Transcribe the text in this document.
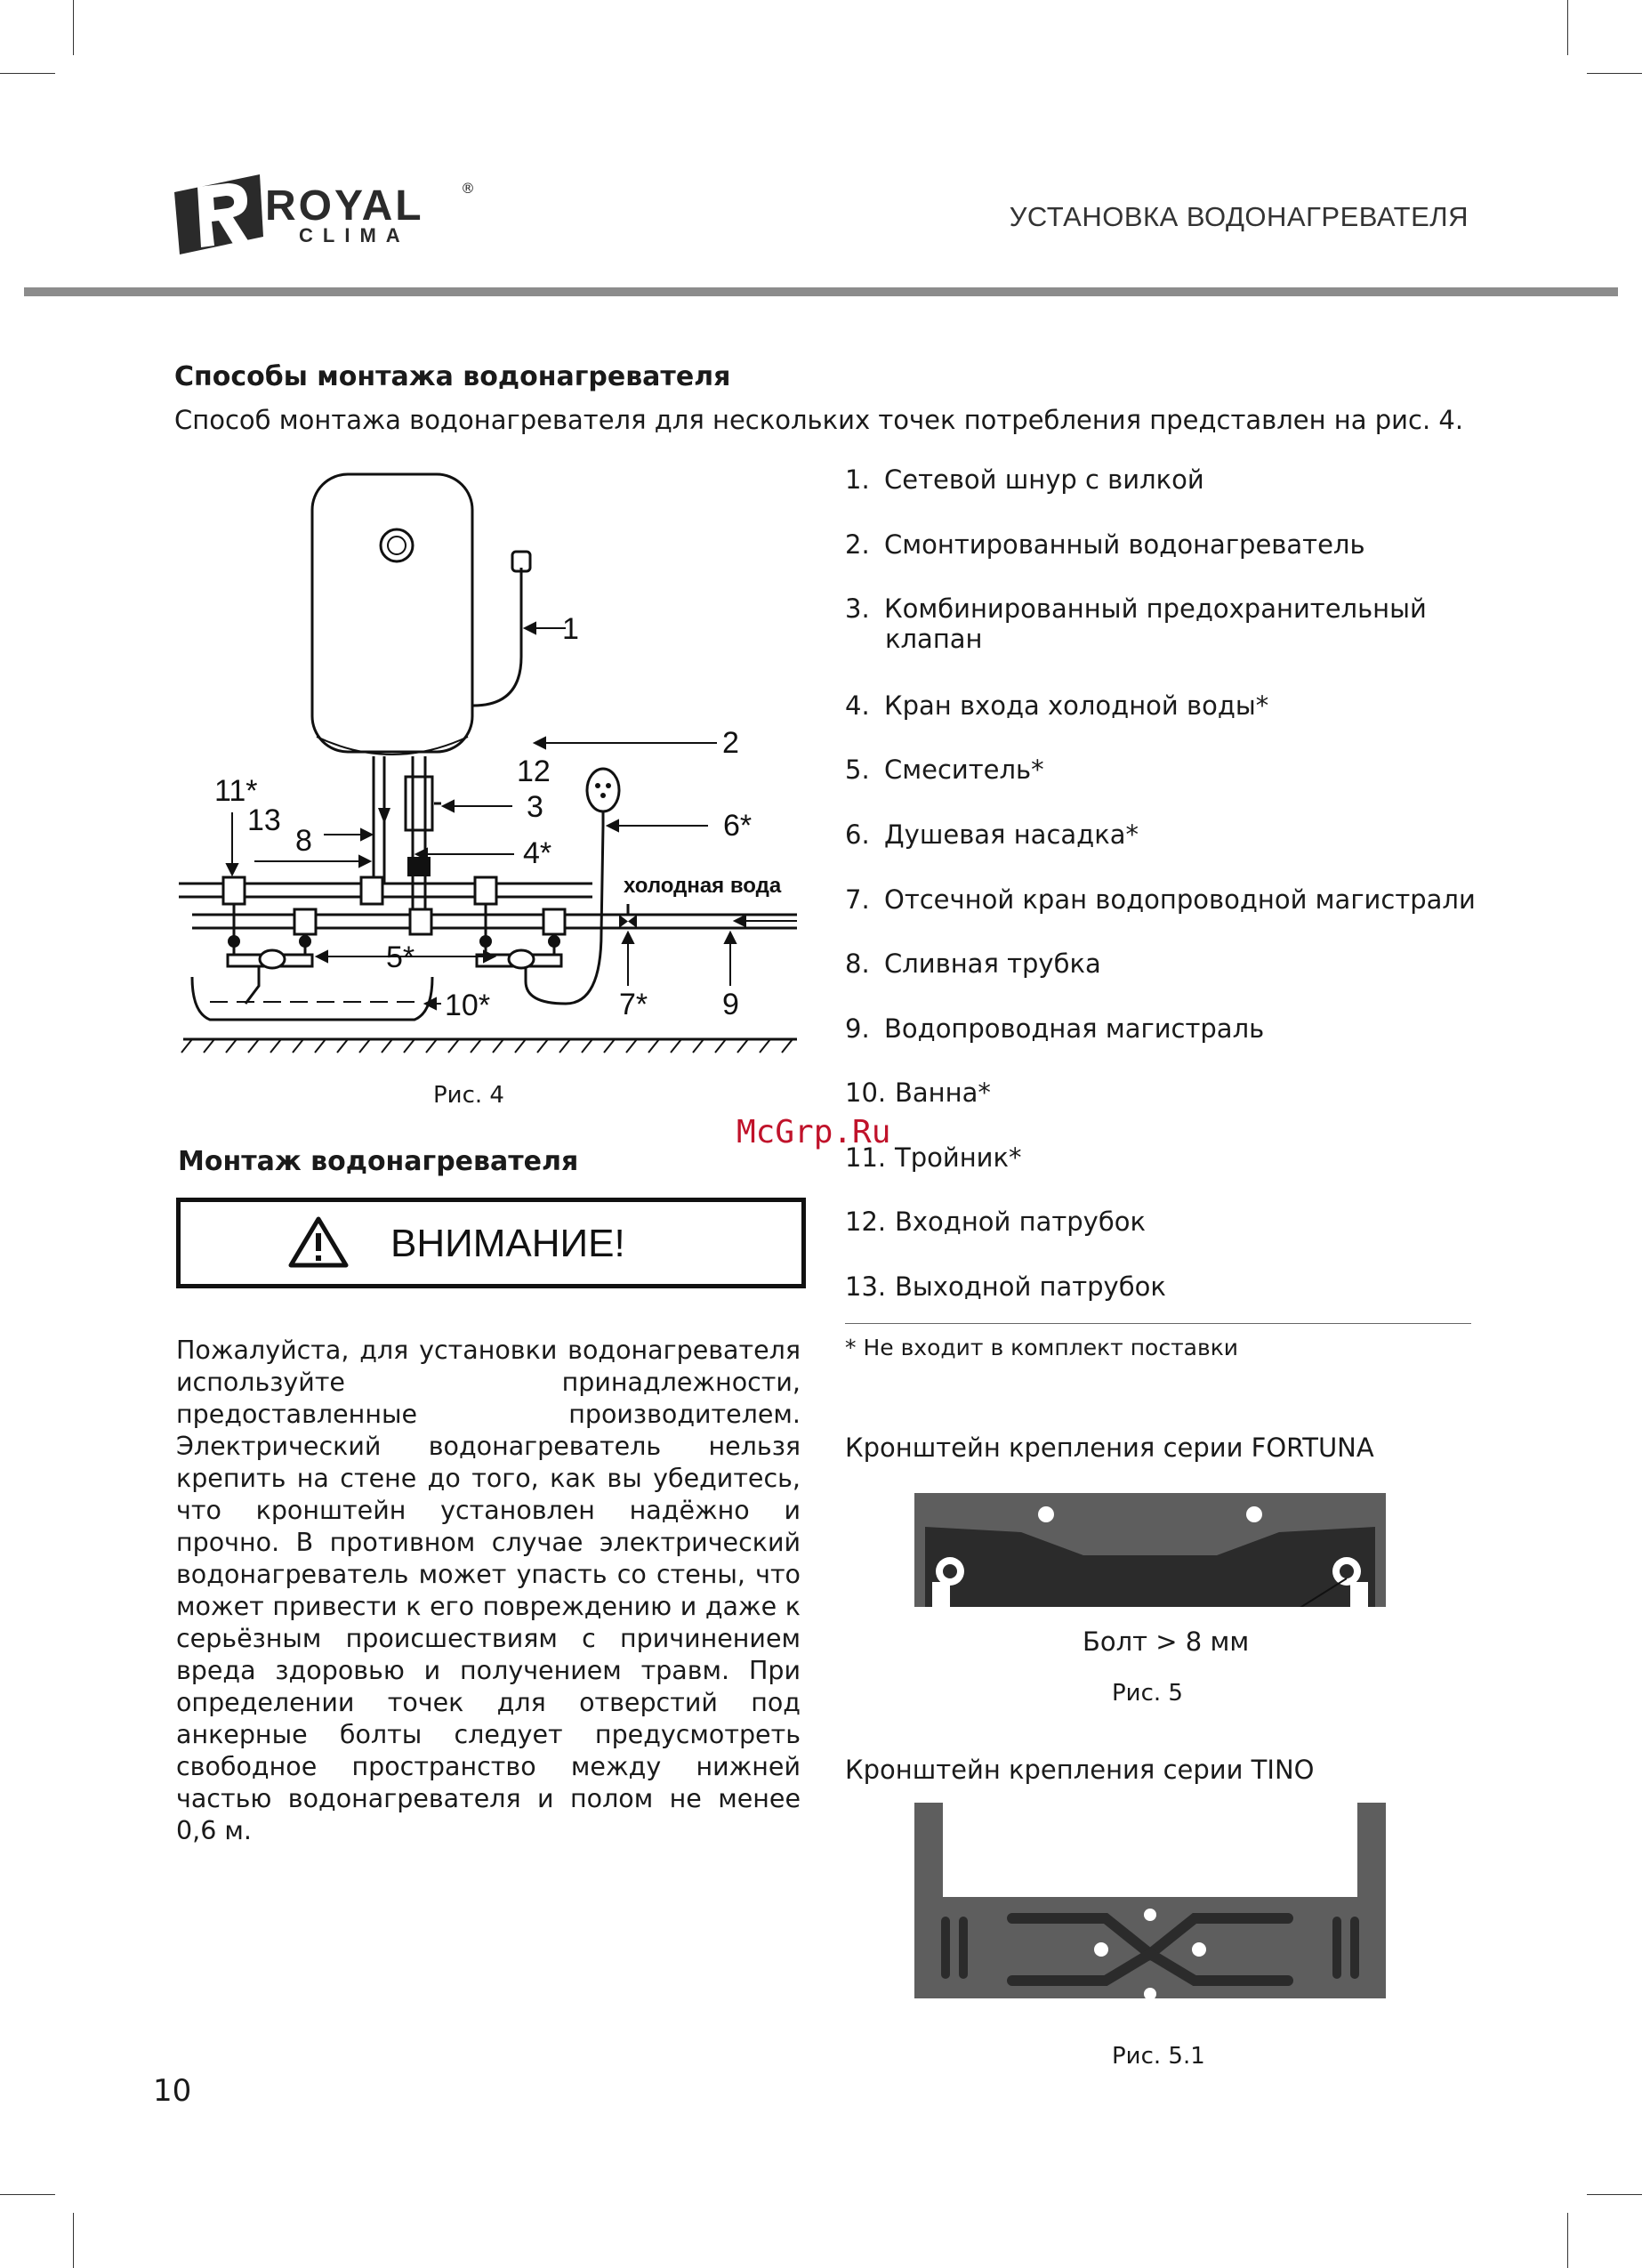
ROYAL	®
CLIMA
УСТАНОВКА ВОДОНАГРЕВАТЕЛЯ
Способы монтажа водонагревателя
Способ монтажа водонагревателя для нескольких точек потребления представлен на рис. 4.
1
2
12
3
4*
11*
13
8	6*
холодная вода
5*
10*	7* 9
Рис. 4
1. Сетевой шнур с вилкой
2. Смонтированный водонагреватель
3. Комбинированный предохранительный
клапан
4. Кран входа холодной воды*
5. Смеситель*
6. Душевая насадка*
7. Отсечной кран водопроводной магистрали
8. Сливная трубка
9. Водопроводная магистраль
10. Ванна*
11. Тройник*
12. Входной патрубок
13. Выходной патрубок
* Не входит в комплект поставки
McGrp.Ru
Монтаж водонагревателя
ВНИМАНИЕ!
Пожалуйста, для установки водонагревателя используйте принадлежности, предоставленные производителем. Электрический водонагреватель нельзя крепить на стене до того, как вы убедитесь, что кронштейн установлен надёжно и прочно. В противном случае электрический водонагреватель может упасть со стены, что может привести к его повреждению и даже к серьёзным происшествиям с причинением вреда здоровью и получением травм. При определении точек для отверстий под анкерные болты следует предусмотреть свободное пространство между нижней частью водонагревателя и полом не менее 0,6 м.
Кронштейн крепления серии FORTUNA
Болт > 8 мм
Рис. 5
Кронштейн крепления серии TINO
Рис. 5.1
10
